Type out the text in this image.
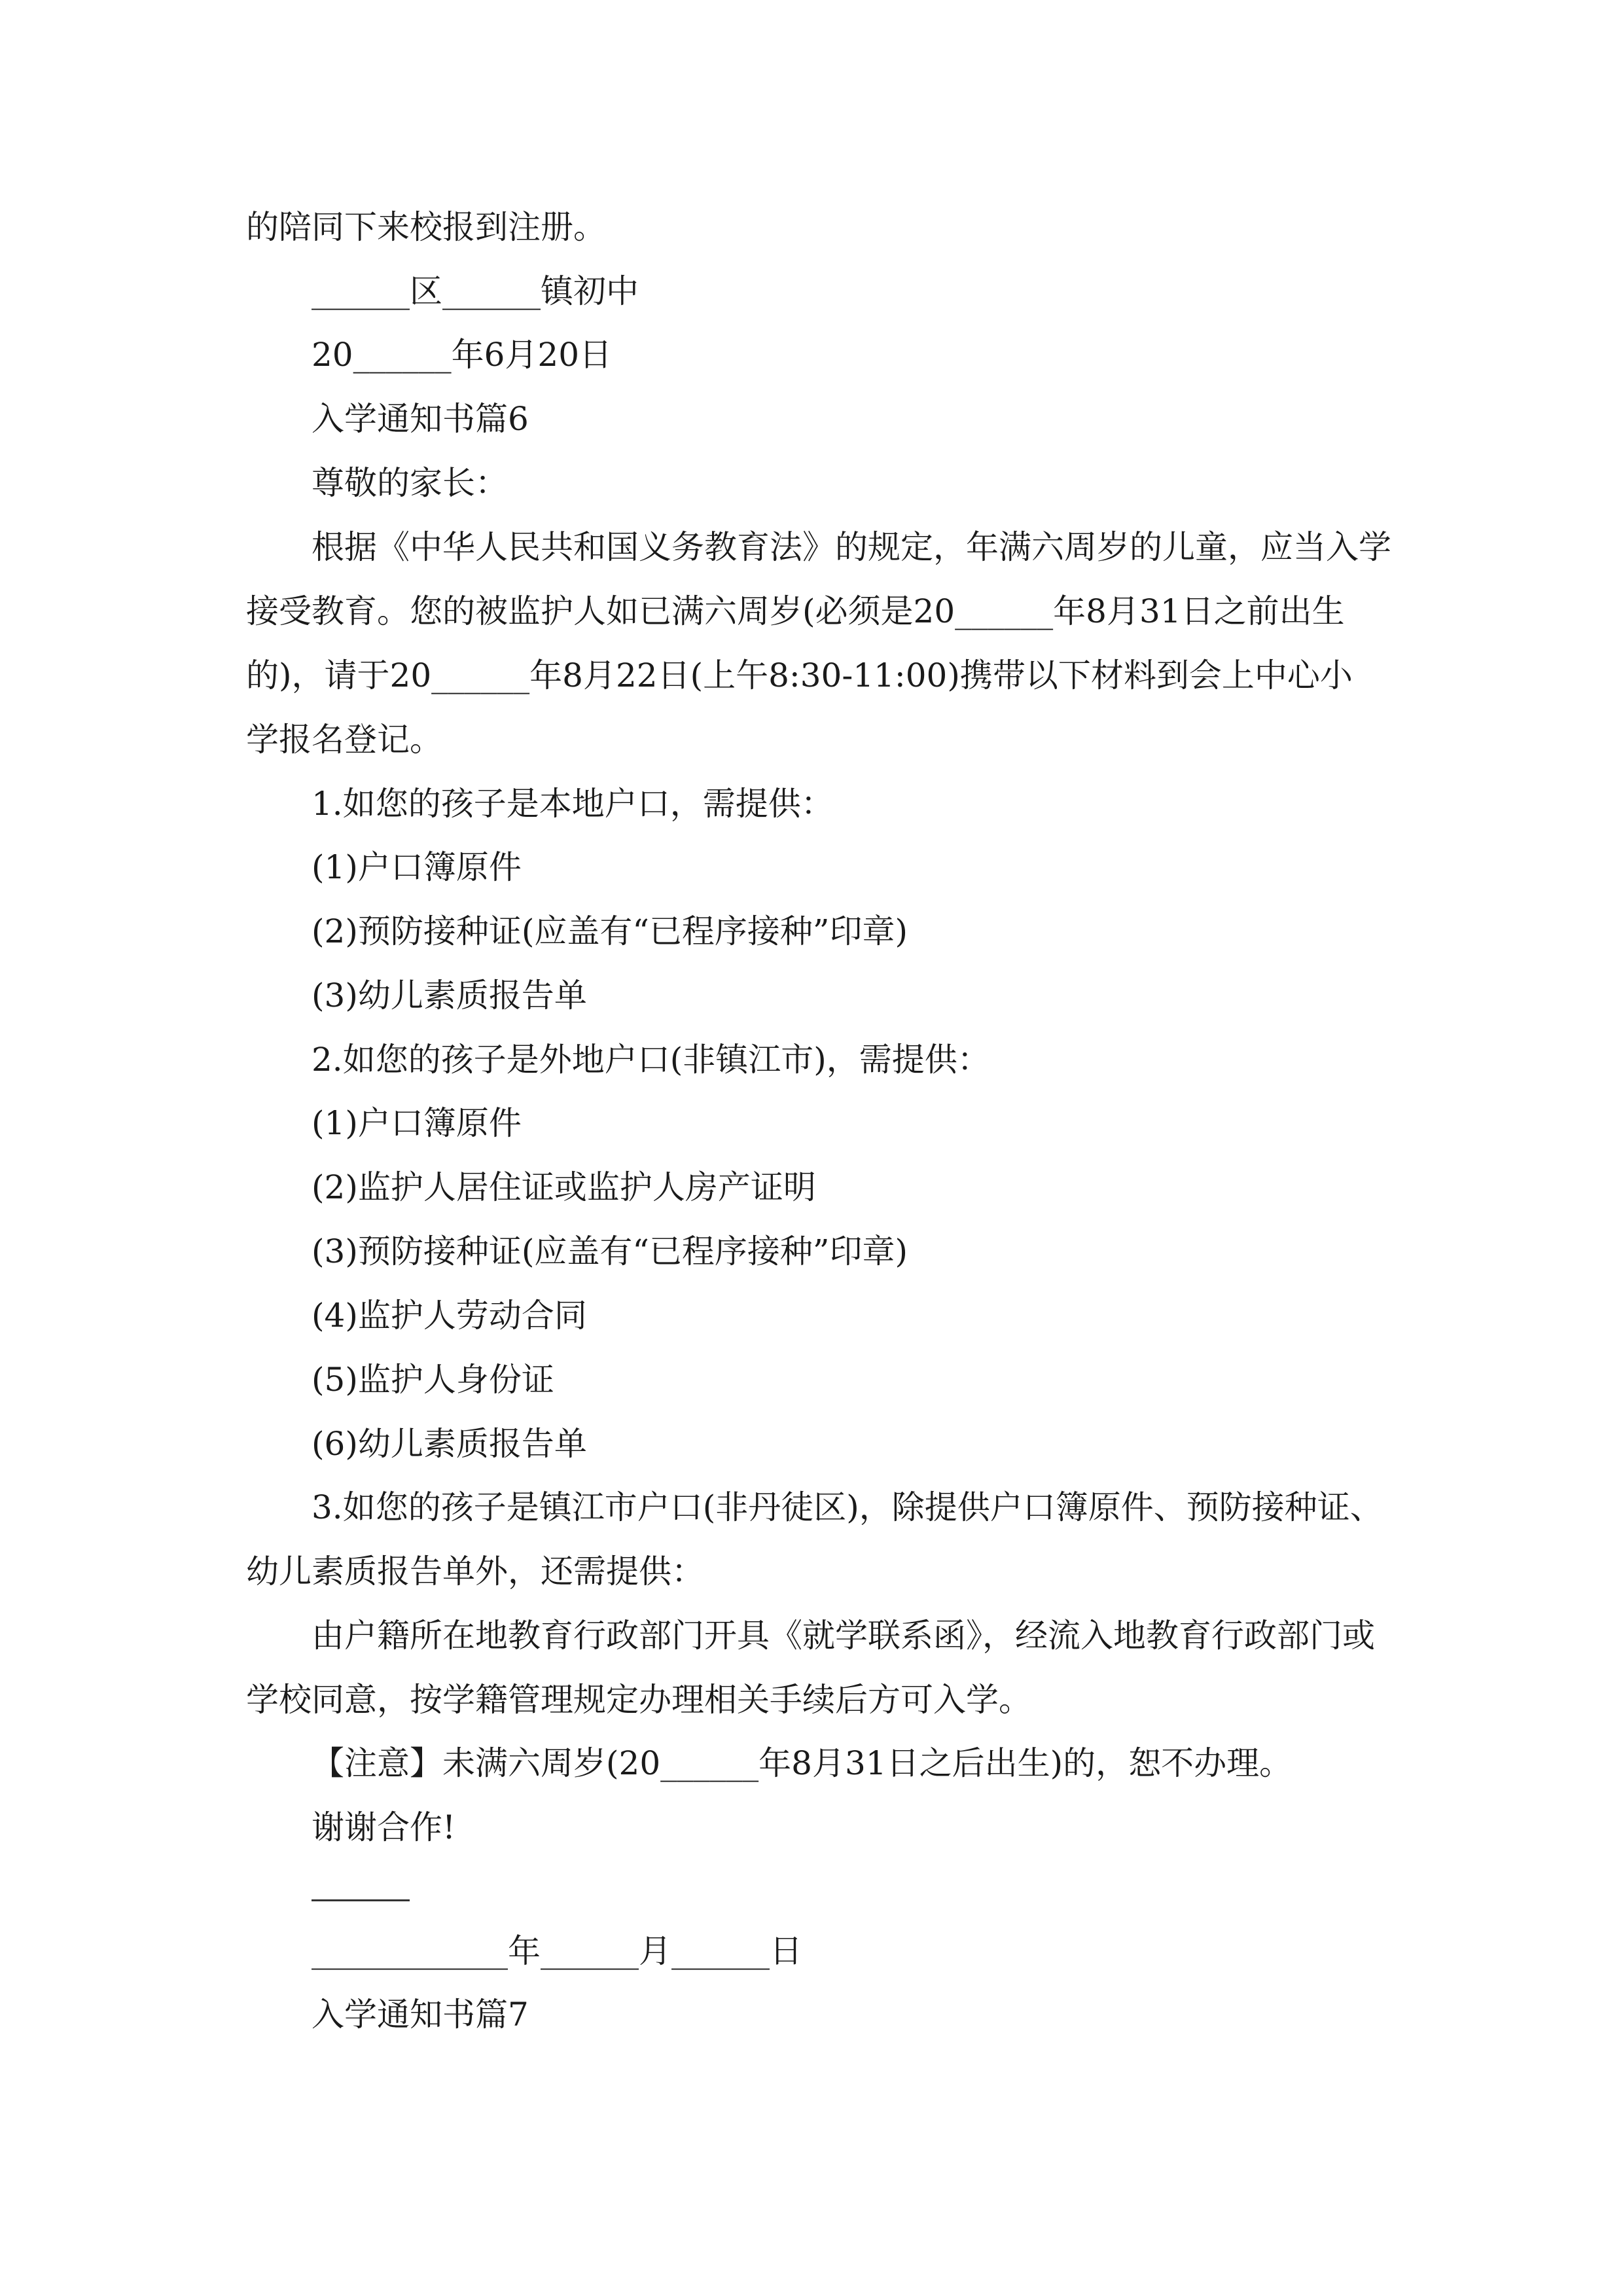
的陪同下来校报到注册。
______区______镇初中
20______年6月20日
入学通知书篇6
尊敬的家长：
根据《中华人民共和国义务教育法》的规定，年满六周岁的儿童，应当入学
接受教育。您的被监护人如已满六周岁(必须是20______年8月31日之前出生
的)，请于20______年8月22日(上午8:30-11:00)携带以下材料到会上中心小
学报名登记。
1.如您的孩子是本地户口，需提供：
(1)户口簿原件
(2)预防接种证(应盖有“已程序接种”印章)
(3)幼儿素质报告单
2.如您的孩子是外地户口(非镇江市)，需提供：
(1)户口簿原件
(2)监护人居住证或监护人房产证明
(3)预防接种证(应盖有“已程序接种”印章)
(4)监护人劳动合同
(5)监护人身份证
(6)幼儿素质报告单
3.如您的孩子是镇江市户口(非丹徒区)，除提供户口簿原件、预防接种证、
幼儿素质报告单外，还需提供：
由户籍所在地教育行政部门开具《就学联系函》，经流入地教育行政部门或
学校同意，按学籍管理规定办理相关手续后方可入学。
【注意】未满六周岁(20______年8月31日之后出生)的，恕不办理。
谢谢合作!
____________年______月______日
入学通知书篇7
